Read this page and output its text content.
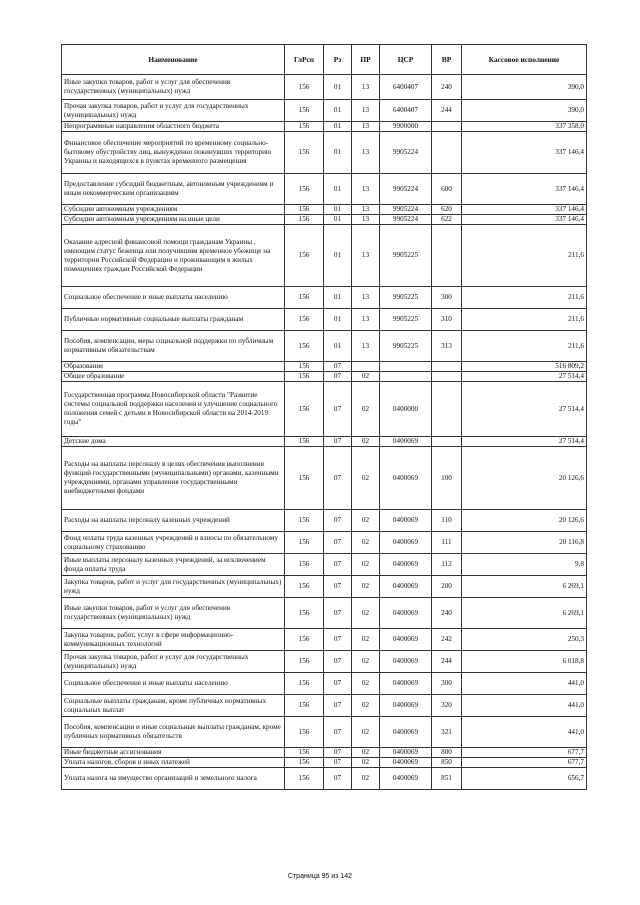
Наименование	ГлРсп	Рз	ПР	ЦСР	ВР	Кассовое исполнение
Иные закупки товаров, работ и услуг для обеспечения государственных (муниципальных) нужд	156	01	13	6400407	240	390,0
Прочая закупка товаров, работ и услуг для государственных (муниципальных) нужд	156	01	13	6400407	244	390,0
Непрограммные направления областного бюджета	156	01	13	9900000		337 358,0
Финансовое обеспечение мероприятий по временному социально-бытовому обустройству лиц, вынужденно покинувших территорию Украины и находящихся в пунктах временного размещения	156	01	13	9905224		337 146,4
Предоставление субсидий бюджетным, автономным учреждениям и иным некоммерческим организациям	156	01	13	9905224	600	337 146,4
Субсидии автономным учреждениям	156	01	13	9905224	620	337 146,4
Субсидии автономным учреждениям на иные цели	156	01	13	9905224	622	337 146,4
Оказание адресной финансовой помощи гражданам Украины , имеющим статус беженца или получившим временное убежище на территории Российской Федерации и проживающим в жилых помещениях граждан Российской Федерации	156	01	13	9905225		211,6
Социальное обеспечение и иные выплаты населению	156	01	13	9905225	300	211,6
Публичные нормативные социальные выплаты гражданам	156	01	13	9905225	310	211,6
Пособия, компенсации, меры социальной поддержки по публичным нормативным обязательствам	156	01	13	9905225	313	211,6
Образование	156	07				516 809,2
Общее образование	156	07	02			27 514,4
Государственная программа Новосибирской области "Развитие системы социальной поддержки населения и улучшение социального положения семей с детьми в Новосибирской области на 2014-2019 годы"	156	07	02	0400000		27 514,4
Детские дома	156	07	02	0400069		27 514,4
Расходы на выплаты персоналу в целях обеспечения выполнения функций государственными (муниципальными) органами, казенными учреждениями, органами управления государственными внебюджетными фондами	156	07	02	0400069	100	20 126,6
Расходы на выплаты персоналу казенных учреждений	156	07	02	0400069	110	20 126,6
Фонд оплаты труда казенных учреждений и взносы по обязательному социальному страхованию	156	07	02	0400069	111	20 116,8
Иные выплаты персоналу казенных учреждений, за исключением фонда оплаты труда	156	07	02	0400069	112	9,8
Закупка товаров, работ и услуг для государственных (муниципальных) нужд	156	07	02	0400069	200	6 269,1
Иные закупки товаров, работ и услуг для обеспечения государственных (муниципальных) нужд	156	07	02	0400069	240	6 269,1
Закупка товаров, работ, услуг в сфере информационно-коммуникационных технологий	156	07	02	0400069	242	250,3
Прочая закупка товаров, работ и услуг для государственных (муниципальных) нужд	156	07	02	0400069	244	6 018,8
Социальное обеспечение и иные выплаты населению	156	07	02	0400069	300	441,0
Социальные выплаты гражданам, кроме публичных нормативных социальных выплат	156	07	02	0400069	320	441,0
Пособия, компенсации и иные социальные выплаты гражданам, кроме публичных нормативных обязательств	156	07	02	0400069	321	441,0
Иные бюджетные ассигнования	156	07	02	0400069	800	677,7
Уплата налогов, сборов и иных платежей	156	07	02	0400069	850	677,7
Уплата налога на имущество организаций и земельного налога	156	07	02	0400069	851	656,7
Страница 95 из 142
